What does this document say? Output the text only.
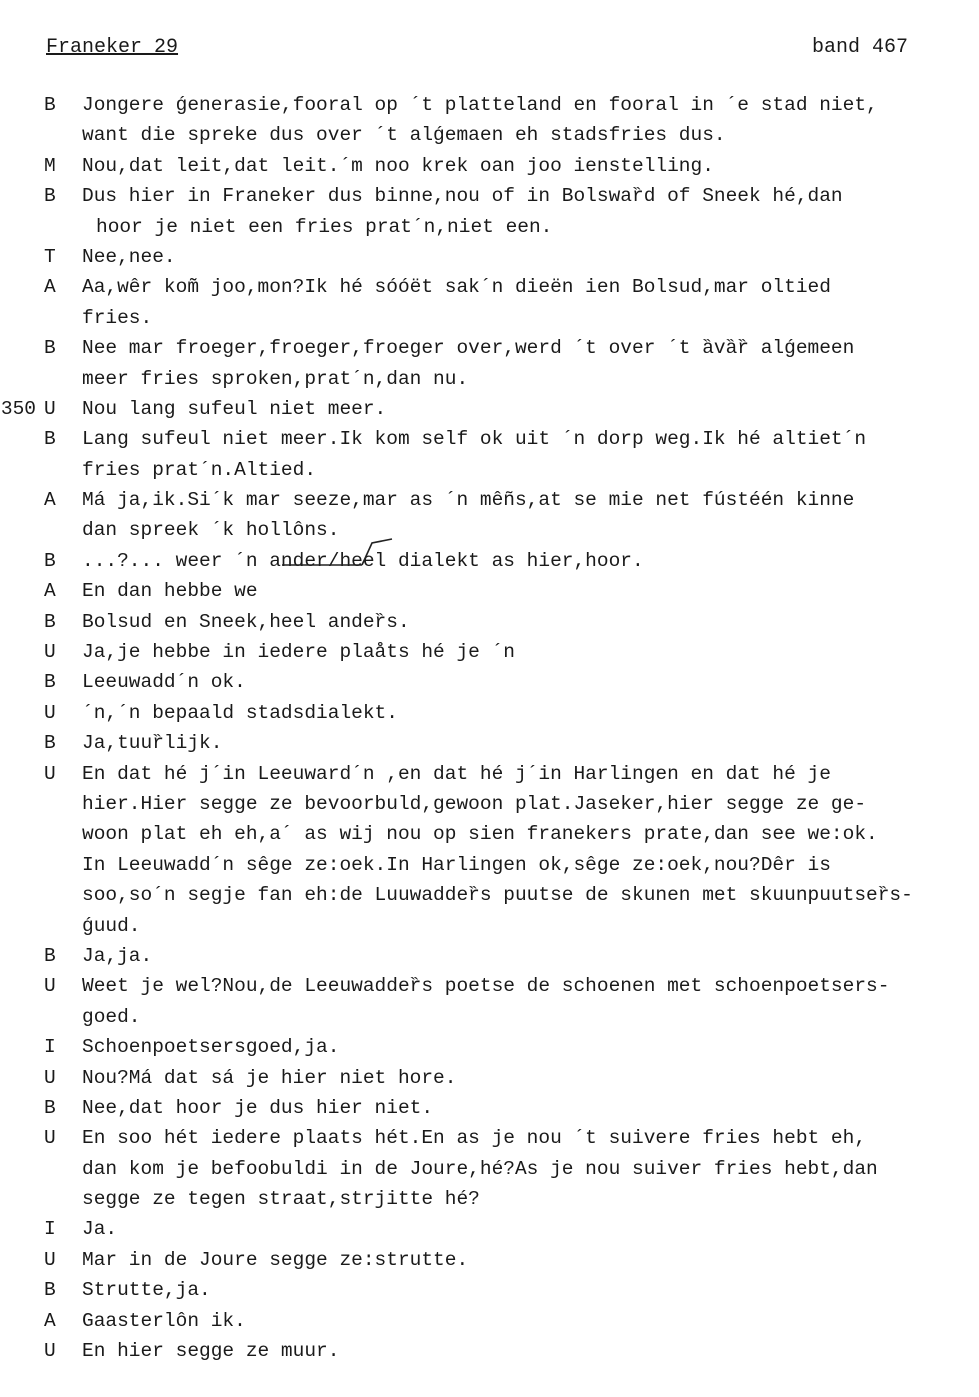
Franeker 29	band 467
B Jongere ǵenerasie,fooral op ´t platteland en fooral in ´e stad niet,
want die spreke dus over ´t alǵemaen eh stadsfries dus.
M Nou,dat leit,dat leit.´m noo krek oan joo ienstelling.
B Dus hier in Franeker dus binne,nou of in Bolswaȑd of Sneek hé,dan
hoor je niet een fries prat´n,niet een.
T Nee,nee.
A Aa,wêr kom̃ joo,mon?Ik hé sóóët sak´n dieën ien Bolsud,mar oltied
fries.
B Nee mar froeger,froeger,froeger over,werd ´t over ´t ȁvȁȑ alǵemeen
meer fries sproken,prat´n,dan nu.
350 U Nou lang sufeul niet meer.
B Lang sufeul niet meer.Ik kom self ok uit ´n dorp weg.Ik hé altiet´n
fries prat´n.Altied.
A Má ja,ik.Si´k mar seeze,mar as ´n mêñs,at se mie net fústéén kinne
dan spreek ´k hollôns.
B ...?... weer ´n ander/heel dialekt as hier,hoor.
A En dan hebbe we
B Bolsud en Sneek,heel andeȑs.
U Ja,je hebbe in iedere plaåts hé je ´n
B Leeuwadd´n ok.
U ´n,´n bepaald stadsdialekt.
B Ja,tuuȑlijk.
U En dat hé j´in Leeuward´n ,en dat hé j´in Harlingen en dat hé je
hier.Hier segge ze bevoorbuld,gewoon plat.Jaseker,hier segge ze ge-
woon plat eh eh,a´ as wij nou op sien franekers prate,dan see we:ok.
In Leeuwadd´n sêge ze:oek.In Harlingen ok,sêge ze:oek,nou?Dêr is
soo,so´n segje fan eh:de Luuwaddeȑs puutse de skunen met skuunpuutseȑs-
ǵuud.
B Ja,ja.
U Weet je wel?Nou,de Leeuwaddeȑs poetse de schoenen met schoenpoetsers-
goed.
I Schoenpoetsersgoed,ja.
U Nou?Má dat sá je hier niet hore.
B Nee,dat hoor je dus hier niet.
U En soo hét iedere plaats hét.En as je nou ´t suivere fries hebt eh,
dan kom je befoobuldi in de Joure,hé?As je nou suiver fries hebt,dan
segge ze tegen straat,strjitte hé?
I Ja.
U Mar in de Joure segge ze:strutte.
B Strutte,ja.
A Gaasterlôn ik.
U En hier segge ze muur.
